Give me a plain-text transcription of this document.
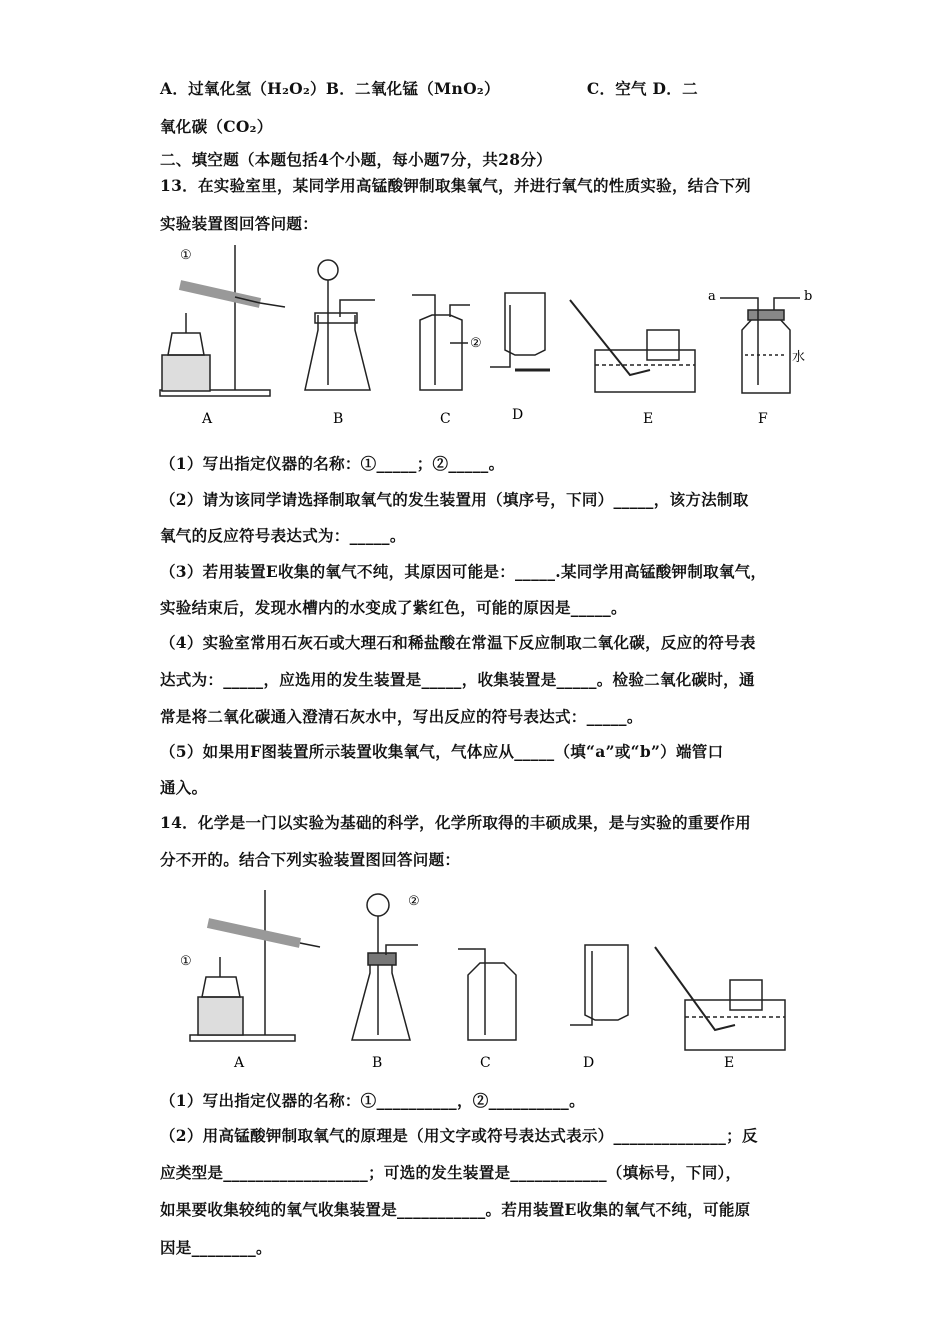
A．过氧化氢（H₂O₂）B．二氧化锰（MnO₂）　　　　　　C．空气 D．二
氧化碳（CO₂）
二、填空题（本题包括4个小题，每小题7分，共28分）
13．在实验室里，某同学用高锰酸钾制取集氧气，并进行氧气的性质实验，结合下列
实验装置图回答问题：
①
②
a	b
水
A	B	C	D	E	F
（1）写出指定仪器的名称：①_____；②_____。
（2）请为该同学请选择制取氧气的发生装置用（填序号，下同）_____，该方法制取
氧气的反应符号表达式为：_____。
（3）若用装置E收集的氧气不纯，其原因可能是：_____.某同学用高锰酸钾制取氧气，
实验结束后，发现水槽内的水变成了紫红色，可能的原因是_____。
（4）实验室常用石灰石或大理石和稀盐酸在常温下反应制取二氧化碳，反应的符号表
达式为：_____，应选用的发生装置是_____，收集装置是_____。检验二氧化碳时，通
常是将二氧化碳通入澄清石灰水中，写出反应的符号表达式：_____。
（5）如果用F图装置所示装置收集氧气，气体应从_____（填“a”或“b”）端管口
通入。
14．化学是一门以实验为基础的科学，化学所取得的丰硕成果，是与实验的重要作用
分不开的。结合下列实验装置图回答问题：
①
②
A	B	C	D	E
（1）写出指定仪器的名称：①__________，②__________。
（2）用高锰酸钾制取氧气的原理是（用文字或符号表达式表示）______________；反
应类型是__________________；可选的发生装置是____________（填标号，下同），
如果要收集较纯的氧气收集装置是___________。若用装置E收集的氧气不纯，可能原
因是________。
